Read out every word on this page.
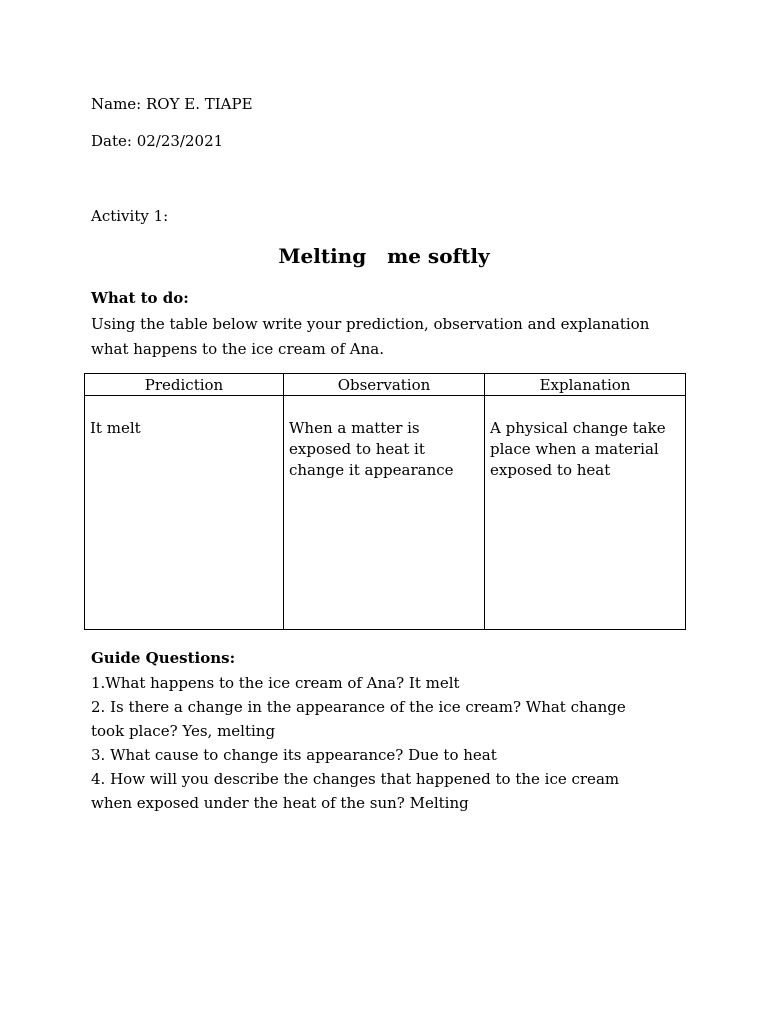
Name: ROY E. TIAPE
Date: 02/23/2021
Activity 1:
Melting   me softly
What to do:
Using the table below write your prediction, observation and explanation what happens to the ice cream of Ana.
Prediction	Observation	Explanation
It melt	When a matter is exposed to heat it change it appearance	A physical change take place when a material exposed to heat
Guide Questions:
1.What happens to the ice cream of Ana? It melt
2. Is there a change in the appearance of the ice cream? What change took place? Yes, melting
3. What cause to change its appearance? Due to heat
4. How will you describe the changes that happened to the ice cream when exposed under the heat of the sun? Melting
